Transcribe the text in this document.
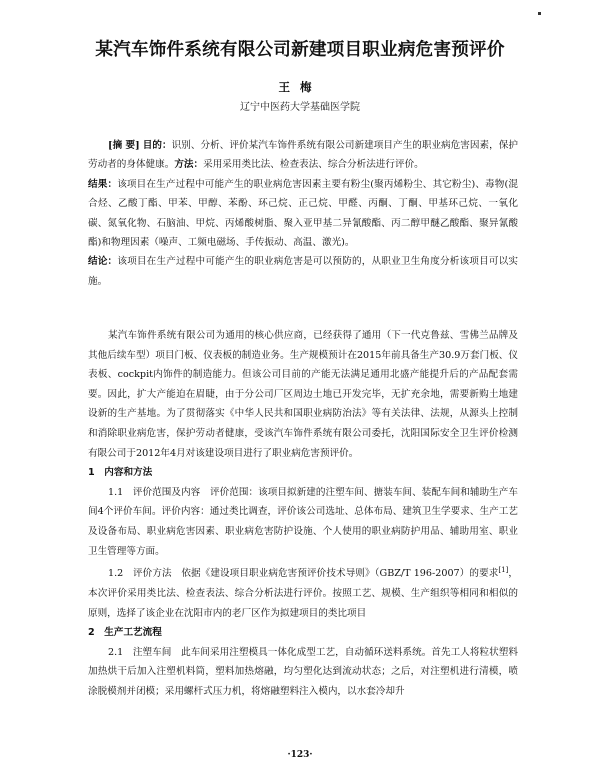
某汽车饰件系统有限公司新建项目职业病危害预评价
王梅
辽宁中医药大学基础医学院

[摘 要] 目的：识别、分析、评价某汽车饰件系统有限公司新建项目产生的职业病危害因素，保护劳动者的身体健康。方法：采用采用类比法、检查表法、综合分析法进行评价。

结果：该项目在生产过程中可能产生的职业病危害因素主要有粉尘(聚丙烯粉尘、其它粉尘)、毒物(混合烃、乙酸丁酯、甲苯、甲醇、苯酚、环己烷、正己烷、甲醛、丙酮、丁酮、甲基环己烷、一氧化碳、氮氧化物、石脑油、甲烷、丙烯酸树脂、聚入亚甲基二异氰酸酯、丙二醇甲醚乙酸酯、聚异氰酸酯)和物理因素（噪声、工频电磁场、手传振动、高温、激光)。

结论：该项目在生产过程中可能产生的职业病危害是可以预防的，从职业卫生角度分析该项目可以实施。

某汽车饰件系统有限公司为通用的核心供应商，已经获得了通用（下一代克鲁兹、雪佛兰品牌及其他后续车型）项目门板、仪表板的制造业务。生产规模预计在2015年前具备生产30.9万套门板、仪表板、cockpit内饰件的制造能力。但该公司目前的产能无法满足通用北盛产能提升后的产品配套需要。因此，扩大产能迫在眉睫，由于分公司厂区周边土地已开发完毕，无扩充余地，需要新购土地建设新的生产基地。为了贯彻落实《中华人民共和国职业病防治法》等有关法律、法规，从源头上控制和消除职业病危害，保护劳动者健康，受该汽车饰件系统有限公司委托，沈阳国际安全卫生评价检测有限公司于2012年4月对该建设项目进行了职业病危害预评价。

1　内容和方法

1.1　评价范围及内容　 评价范围：该项目拟新建的注塑车间、搪装车间、装配车间和辅助生产车间4个评价车间。评价内容：通过类比调查，评价该公司选址、总体布局、建筑卫生学要求、生产工艺及设备布局、职业病危害因素、职业病危害防护设施、个人使用的职业病防护用品、辅助用室、职业卫生管理等方面。

1.2　评价方法　 依据《建设项目职业病危害预评价技术导则》（GBZ/T 196-2007）的要求[1]，本次评价采用类比法、检查表法、综合分析法进行评价。按照工艺、规模、生产组织等相同和相似的原则，选择了该企业在沈阳市内的老厂区作为拟建项目的类比项目

2　生产工艺流程

2.1　注塑车间　 此车间采用注塑模具一体化成型工艺，自动循环送料系统。首先工人将粒状塑料加热烘干后加入注塑机料筒，塑料加热熔融，均匀塑化达到流动状态；之后，对注塑机进行清模，喷涂脱模剂并闭模；采用螺杆式压力机，将熔融塑料注入模内，以水套冷却升

·123·
